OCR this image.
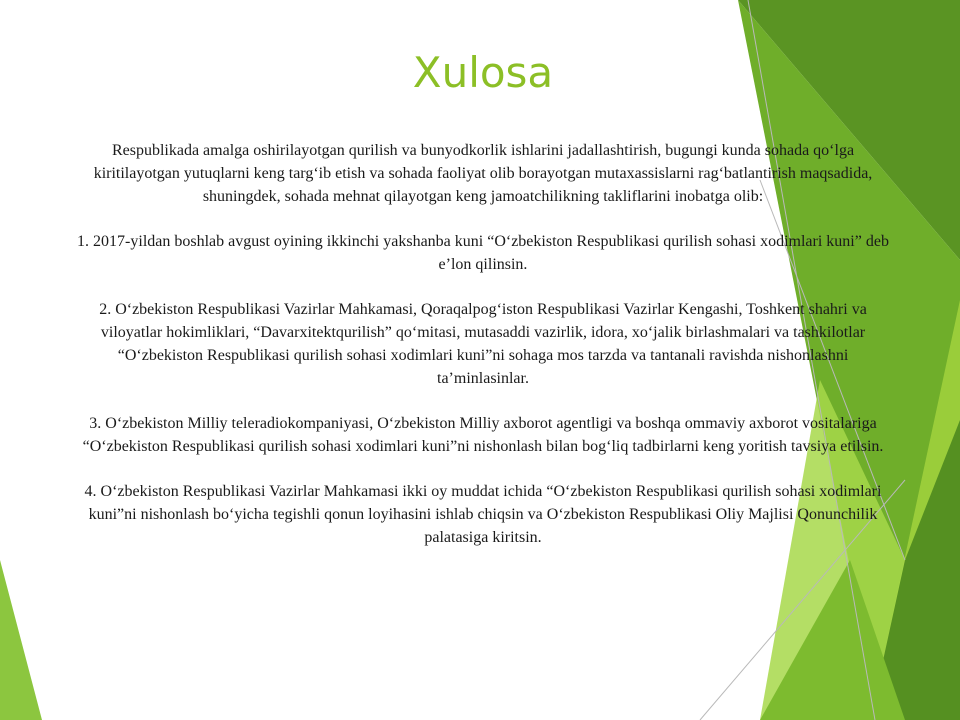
Xulosa

Respublikada amalga oshirilayotgan qurilish va bunyodkorlik ishlarini jadallashtirish, bugungi kunda sohada qo‘lga kiritilayotgan yutuqlarni keng targ‘ib etish va sohada faoliyat olib borayotgan mutaxassislarni rag‘batlantirish maqsadida, shuningdek, sohada mehnat qilayotgan keng jamoatchilikning takliflarini inobatga olib:

1. 2017-yildan boshlab avgust oyining ikkinchi yakshanba kuni “O‘zbekiston Respublikasi qurilish sohasi xodimlari kuni” deb e’lon qilinsin.

2. O‘zbekiston Respublikasi Vazirlar Mahkamasi, Qoraqalpog‘iston Respublikasi Vazirlar Kengashi, Toshkent shahri va viloyatlar hokimliklari, “Davarxitektqurilish” qo‘mitasi, mutasaddi vazirlik, idora, xo‘jalik birlashmalari va tashkilotlar “O‘zbekiston Respublikasi qurilish sohasi xodimlari kuni”ni sohaga mos tarzda va tantanali ravishda nishonlashni ta’minlasinlar.

3. O‘zbekiston Milliy teleradiokompaniyasi, O‘zbekiston Milliy axborot agentligi va boshqa ommaviy axborot vositalariga “O‘zbekiston Respublikasi qurilish sohasi xodimlari kuni”ni nishonlash bilan bog‘liq tadbirlarni keng yoritish tavsiya etilsin.

4. O‘zbekiston Respublikasi Vazirlar Mahkamasi ikki oy muddat ichida “O‘zbekiston Respublikasi qurilish sohasi xodimlari kuni”ni nishonlash bo‘yicha tegishli qonun loyihasini ishlab chiqsin va O‘zbekiston Respublikasi Oliy Majlisi Qonunchilik palatasiga kiritsin.
